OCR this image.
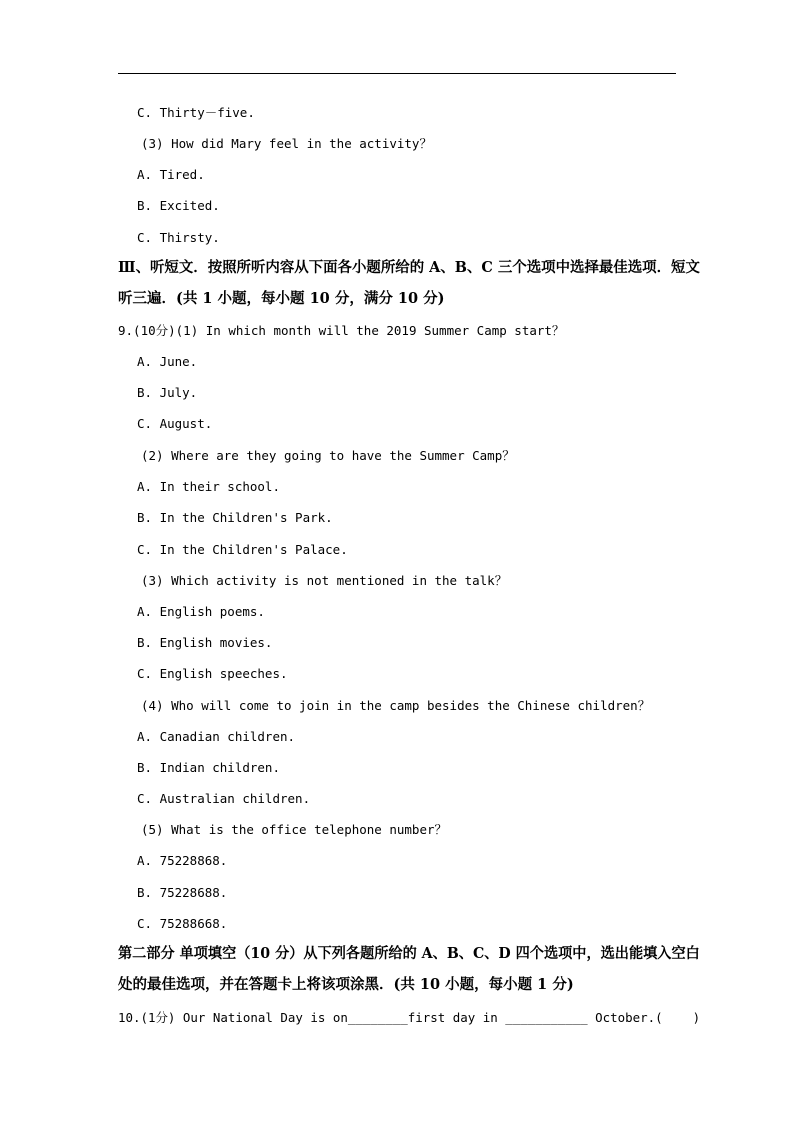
C. Thirty－five.
(3) How did Mary feel in the activity？
A. Tired.
B. Excited.
C. Thirsty.
Ⅲ、听短文．按照所听内容从下面各小题所给的 A、B、C 三个选项中选择最佳选项．短文
听三遍．(共 1 小题，每小题 10 分，满分 10 分)
9.(10分)(1) In which month will the 2019 Summer Camp start？
A. June.
B. July.
C. August.
(2) Where are they going to have the Summer Camp？
A. In their school.
B. In the Children's Park.
C. In the Children's Palace.
(3) Which activity is not mentioned in the talk？
A. English poems.
B. English movies.
C. English speeches.
(4) Who will come to join in the camp besides the Chinese children？
A. Canadian children.
B. Indian children.
C. Australian children.
(5) What is the office telephone number？
A. 75228868.
B. 75228688.
C. 75288668.
第二部分 单项填空（10 分）从下列各题所给的 A、B、C、D 四个选项中，选出能填入空白
处的最佳选项，并在答题卡上将该项涂黑．(共 10 小题，每小题 1 分)
10.(1分) Our National Day is on________first day in ___________ October.(    )
